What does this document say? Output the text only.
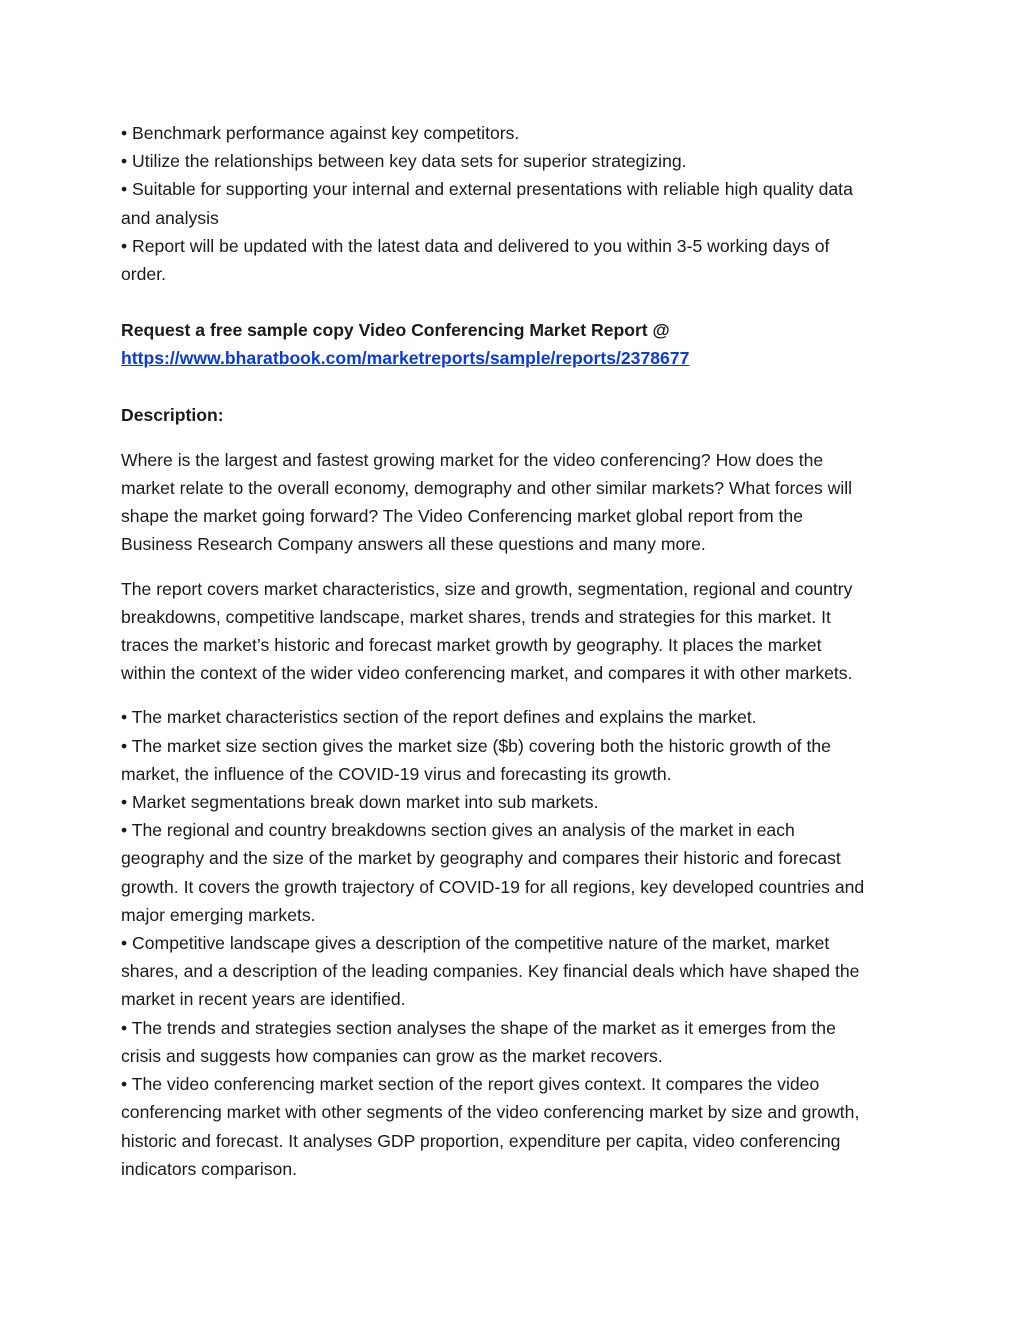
• Benchmark performance against key competitors.
• Utilize the relationships between key data sets for superior strategizing.
• Suitable for supporting your internal and external presentations with reliable high quality data
and analysis
• Report will be updated with the latest data and delivered to you within 3-5 working days of
order.
Request a free sample copy Video Conferencing Market Report @
https://www.bharatbook.com/marketreports/sample/reports/2378677
Description:
Where is the largest and fastest growing market for the video conferencing? How does the
market relate to the overall economy, demography and other similar markets? What forces will
shape the market going forward? The Video Conferencing market global report from the
Business Research Company answers all these questions and many more.
The report covers market characteristics, size and growth, segmentation, regional and country
breakdowns, competitive landscape, market shares, trends and strategies for this market. It
traces the market’s historic and forecast market growth by geography. It places the market
within the context of the wider video conferencing market, and compares it with other markets.
• The market characteristics section of the report defines and explains the market.
• The market size section gives the market size ($b) covering both the historic growth of the
market, the influence of the COVID-19 virus and forecasting its growth.
• Market segmentations break down market into sub markets.
• The regional and country breakdowns section gives an analysis of the market in each
geography and the size of the market by geography and compares their historic and forecast
growth. It covers the growth trajectory of COVID-19 for all regions, key developed countries and
major emerging markets.
• Competitive landscape gives a description of the competitive nature of the market, market
shares, and a description of the leading companies. Key financial deals which have shaped the
market in recent years are identified.
• The trends and strategies section analyses the shape of the market as it emerges from the
crisis and suggests how companies can grow as the market recovers.
• The video conferencing market section of the report gives context. It compares the video
conferencing market with other segments of the video conferencing market by size and growth,
historic and forecast. It analyses GDP proportion, expenditure per capita, video conferencing
indicators comparison.
